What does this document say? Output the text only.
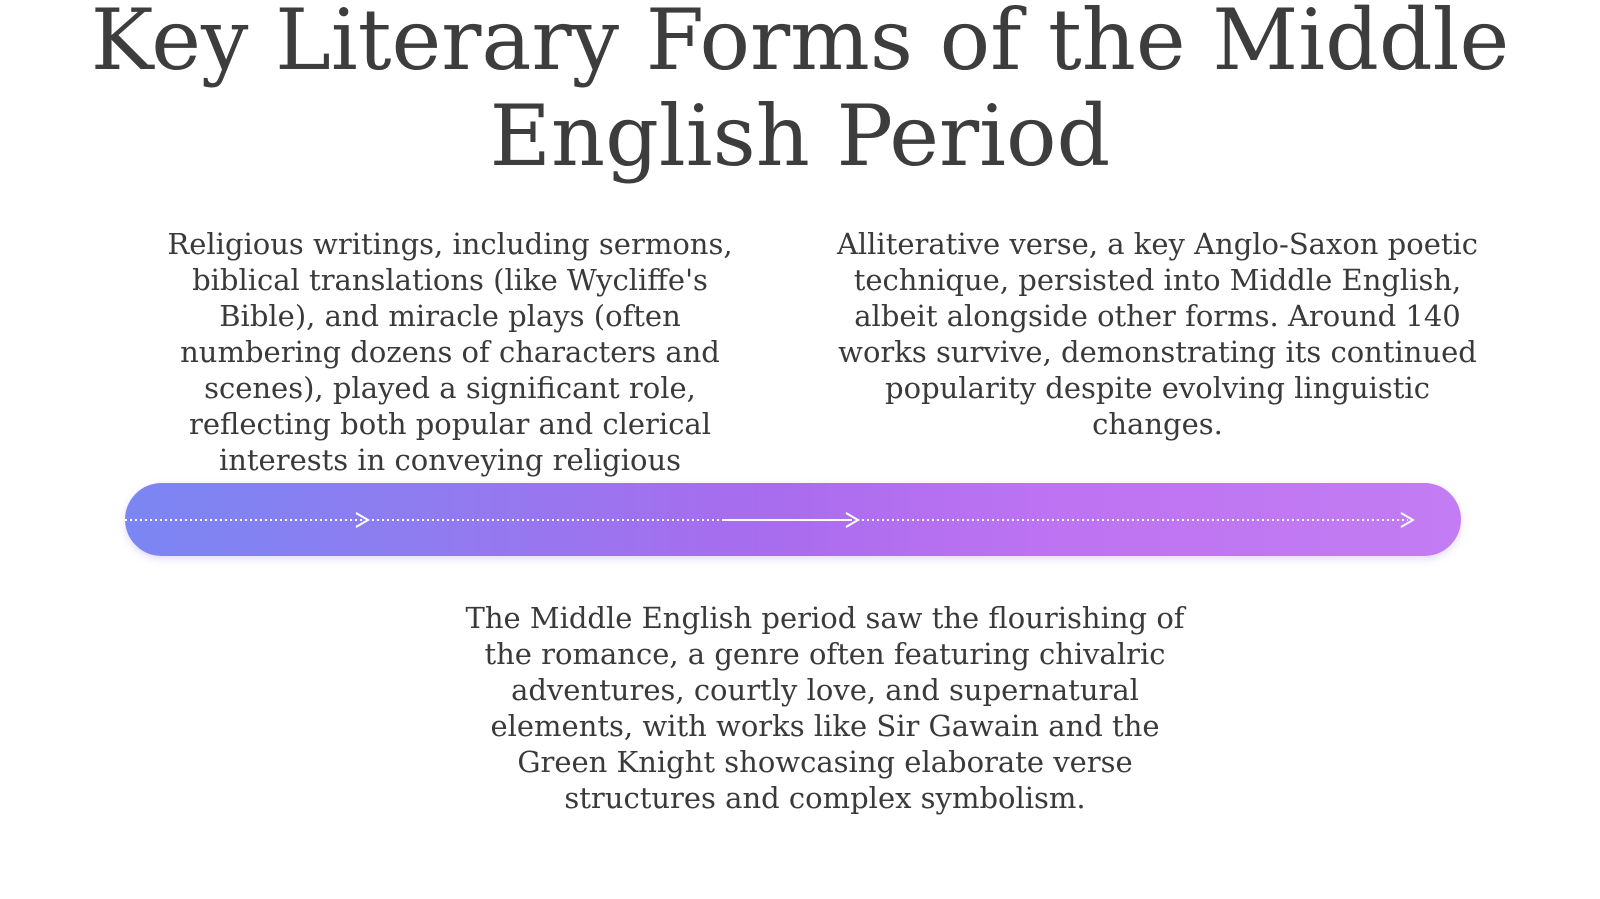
Key Literary Forms of the Middle English Period

Religious writings, including sermons, biblical translations (like Wycliffe's Bible), and miracle plays (often numbering dozens of characters and scenes), played a significant role, reflecting both popular and clerical interests in conveying religious

Alliterative verse, a key Anglo-Saxon poetic technique, persisted into Middle English, albeit alongside other forms. Around 140 works survive, demonstrating its continued popularity despite evolving linguistic changes.

The Middle English period saw the flourishing of the romance, a genre often featuring chivalric adventures, courtly love, and supernatural elements, with works like Sir Gawain and the Green Knight showcasing elaborate verse structures and complex symbolism.
